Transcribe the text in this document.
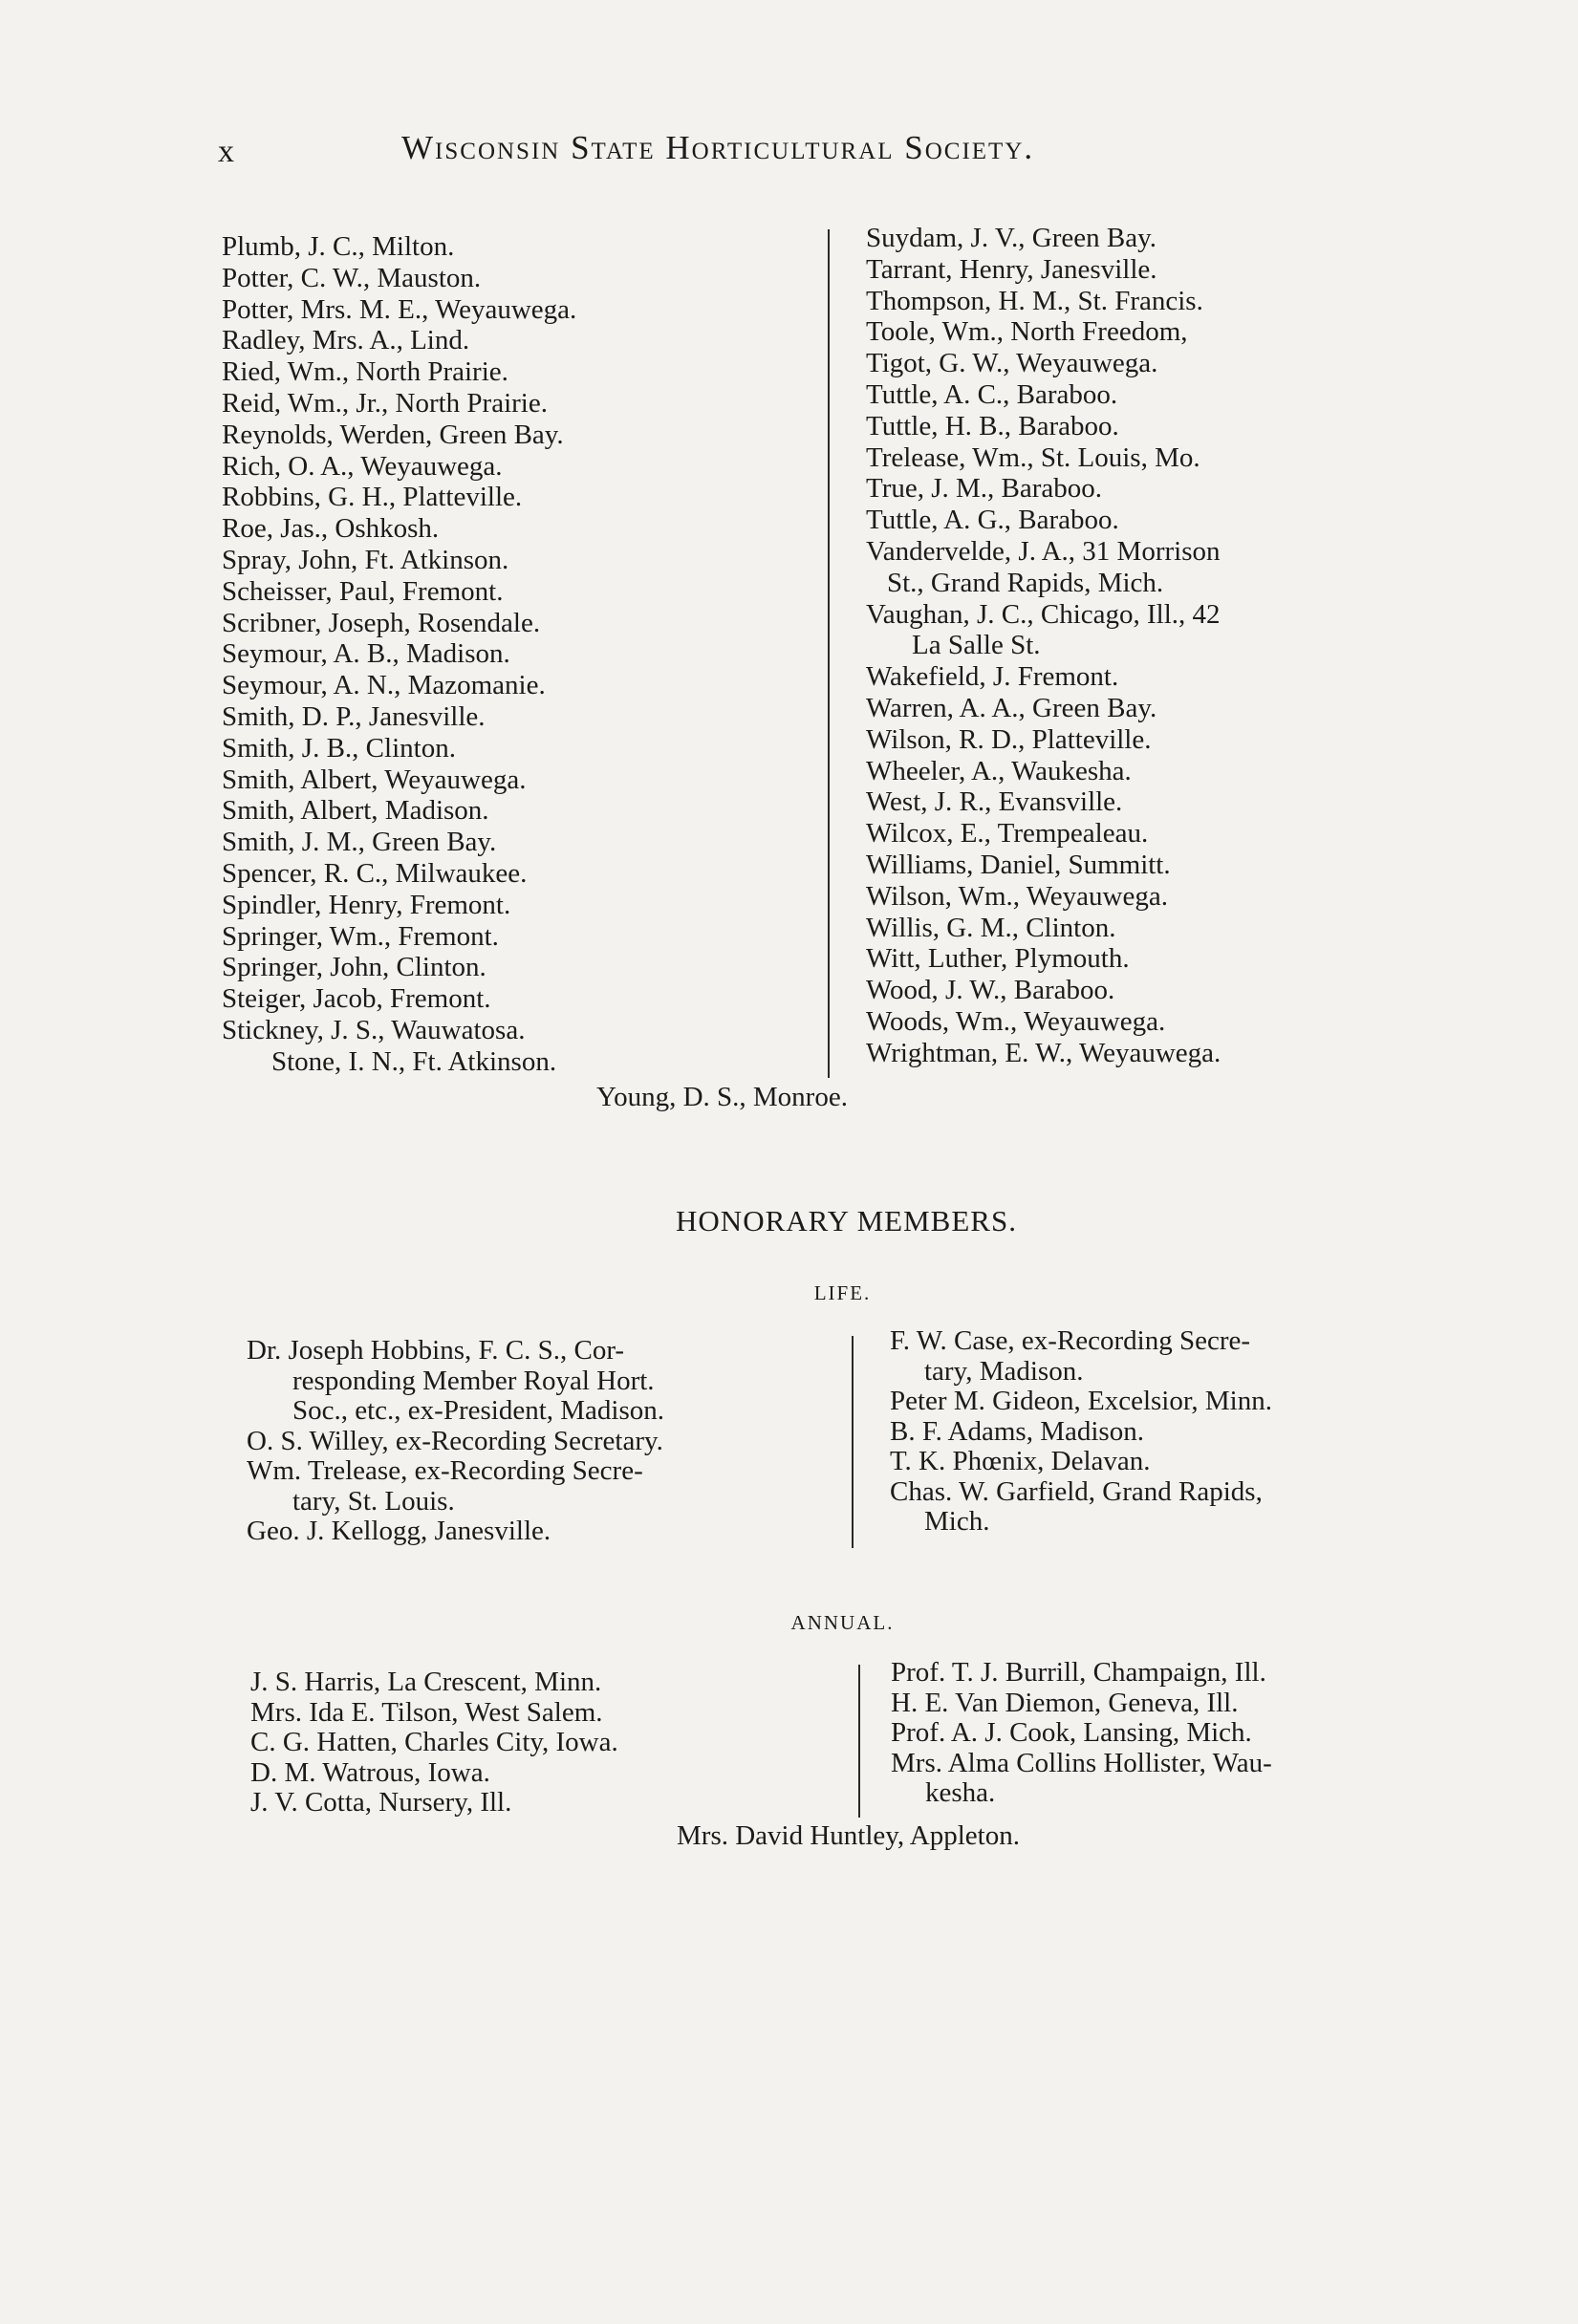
x	Wisconsin State Horticultural Society.
Plumb, J. C., Milton.
Potter, C. W., Mauston.
Potter, Mrs. M. E., Weyauwega.
Radley, Mrs. A., Lind.
Ried, Wm., North Prairie.
Reid, Wm., Jr., North Prairie.
Reynolds, Werden, Green Bay.
Rich, O. A., Weyauwega.
Robbins, G. H., Platteville.
Roe, Jas., Oshkosh.
Spray, John, Ft. Atkinson.
Scheisser, Paul, Fremont.
Scribner, Joseph, Rosendale.
Seymour, A. B., Madison.
Seymour, A. N., Mazomanie.
Smith, D. P., Janesville.
Smith, J. B., Clinton.
Smith, Albert, Weyauwega.
Smith, Albert, Madison.
Smith, J. M., Green Bay.
Spencer, R. C., Milwaukee.
Spindler, Henry, Fremont.
Springer, Wm., Fremont.
Springer, John, Clinton.
Steiger, Jacob, Fremont.
Stickney, J. S., Wauwatosa.
Stone, I. N., Ft. Atkinson.
Suydam, J. V., Green Bay.
Tarrant, Henry, Janesville.
Thompson, H. M., St. Francis.
Toole, Wm., North Freedom,
Tigot, G. W., Weyauwega.
Tuttle, A. C., Baraboo.
Tuttle, H. B., Baraboo.
Trelease, Wm., St. Louis, Mo.
True, J. M., Baraboo.
Tuttle, A. G., Baraboo.
Vandervelde, J. A., 31 Morrison
St., Grand Rapids, Mich.
Vaughan, J. C., Chicago, Ill., 42
La Salle St.
Wakefield, J. Fremont.
Warren, A. A., Green Bay.
Wilson, R. D., Platteville.
Wheeler, A., Waukesha.
West, J. R., Evansville.
Wilcox, E., Trempealeau.
Williams, Daniel, Summitt.
Wilson, Wm., Weyauwega.
Willis, G. M., Clinton.
Witt, Luther, Plymouth.
Wood, J. W., Baraboo.
Woods, Wm., Weyauwega.
Wrightman, E. W., Weyauwega.
Young, D. S., Monroe.
HONORARY MEMBERS.
LIFE.
Dr. Joseph Hobbins, F. C. S., Cor-
responding Member Royal Hort.
Soc., etc., ex-President, Madison.
O. S. Willey, ex-Recording Secretary.
Wm. Trelease, ex-Recording Secre-
tary, St. Louis.
Geo. J. Kellogg, Janesville.
F. W. Case, ex-Recording Secre-
tary, Madison.
Peter M. Gideon, Excelsior, Minn.
B. F. Adams, Madison.
T. K. Phœnix, Delavan.
Chas. W. Garfield, Grand Rapids,
Mich.
ANNUAL.
J. S. Harris, La Crescent, Minn.
Mrs. Ida E. Tilson, West Salem.
C. G. Hatten, Charles City, Iowa.
D. M. Watrous, Iowa.
J. V. Cotta, Nursery, Ill.
Prof. T. J. Burrill, Champaign, Ill.
H. E. Van Diemon, Geneva, Ill.
Prof. A. J. Cook, Lansing, Mich.
Mrs. Alma Collins Hollister, Wau-
kesha.
Mrs. David Huntley, Appleton.
